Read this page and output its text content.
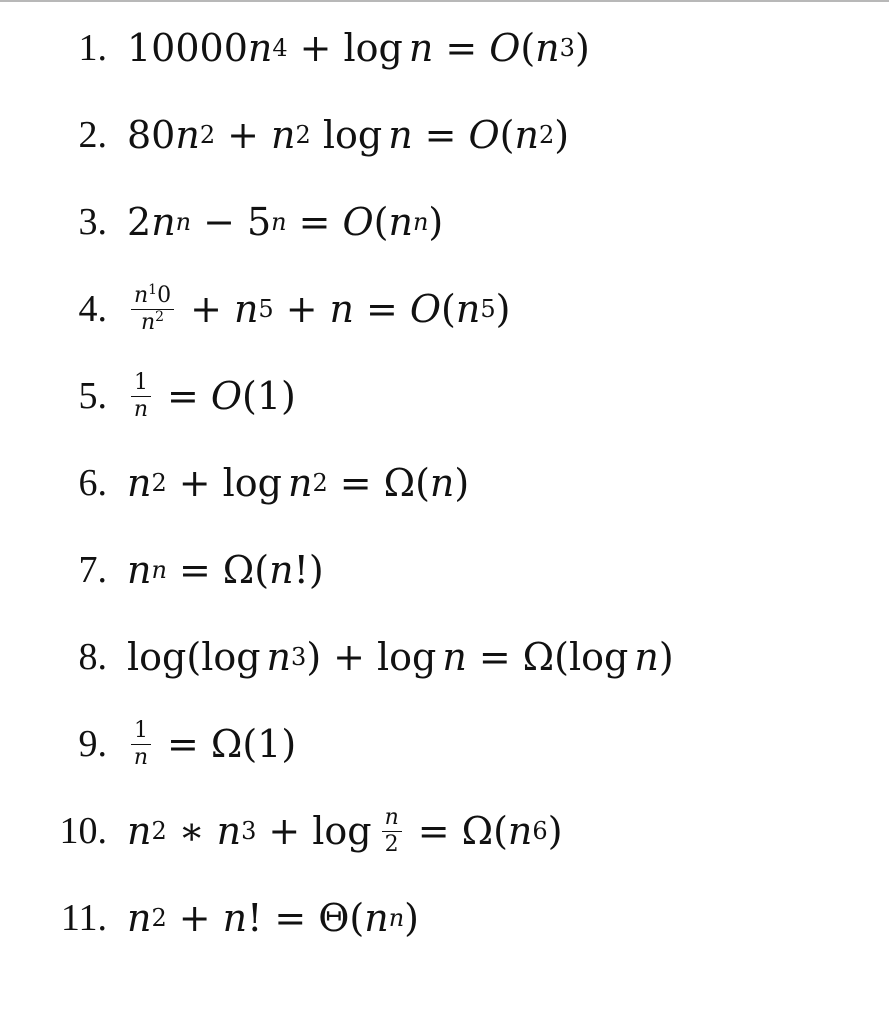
1. 10000 n 4 + log n = O ( n 3 )
2. 80 n 2 + n 2
log n = O ( n 2 )
3. 2 n n − 5 n = O ( n n )
4.	$\frac{n^10}{n^2} + n$ 5 + n = O ( n 5 )
5.	$\frac{1}{n} = O$ (1)
6. n 2 + log n 2 = Ω( n )
7. n n = Ω( n !)
8. log( log n 3 ) + log n = Ω( log n )
9.	$\frac{1}{n} = \Omega(1)$
10. n 2 ∗ n $3 + \log \frac{n}{2} = \Omega$( n 6 )
11. n 2 + n ! = Θ( n n )
